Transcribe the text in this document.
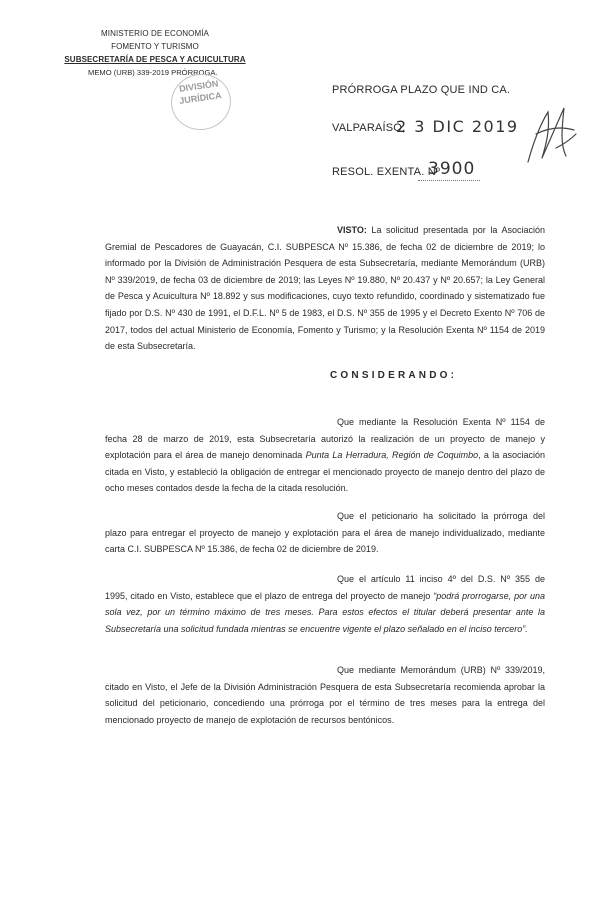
MINISTERIO DE ECONOMÍA
FOMENTO Y TURISMO
SUBSECRETARÍA DE PESCA Y ACUICULTURA
MEMO (URB) 339-2019 PRÓRROGA.
DIVISIÓN
JURÍDICA
PRÓRROGA PLAZO QUE IND CA.
VALPARAÍSO,
2 3 DIC 2019
RESOL. EXENTA. Nº
3900
VISTO: La solicitud presentada por la Asociación Gremial de Pescadores de Guayacán, C.I. SUBPESCA Nº 15.386, de fecha 02 de diciembre de 2019; lo informado por la División de Administración Pesquera de esta Subsecretaría, mediante Memorándum (URB) Nº 339/2019, de fecha 03 de diciembre de 2019; las Leyes Nº 19.880, Nº 20.437 y Nº 20.657; la Ley General de Pesca y Acuicultura Nº 18.892 y sus modificaciones, cuyo texto refundido, coordinado y sistematizado fue fijado por D.S. Nº 430 de 1991, el D.F.L. Nº 5 de 1983, el D.S. Nº 355 de 1995 y el Decreto Exento Nº 706 de 2017, todos del actual Ministerio de Economía, Fomento y Turismo; y la Resolución Exenta Nº 1154 de 2019 de esta Subsecretaría.
CONSIDERANDO:
Que mediante la Resolución Exenta Nº 1154 de fecha 28 de marzo de 2019, esta Subsecretaría autorizó la realización de un proyecto de manejo y explotación para el área de manejo denominada Punta La Herradura, Región de Coquimbo, a la asociación citada en Visto, y estableció la obligación de entregar el mencionado proyecto de manejo dentro del plazo de ocho meses contados desde la fecha de la citada resolución.
Que el peticionario ha solicitado la prórroga del plazo para entregar el proyecto de manejo y explotación para el área de manejo individualizado, mediante carta C.I. SUBPESCA Nº 15.386, de fecha 02 de diciembre de 2019.
Que el artículo 11 inciso 4º del D.S. Nº 355 de 1995, citado en Visto, establece que el plazo de entrega del proyecto de manejo “podrá prorrogarse, por una sola vez, por un término máximo de tres meses. Para estos efectos el titular deberá presentar ante la Subsecretaría una solicitud fundada mientras se encuentre vigente el plazo señalado en el inciso tercero”.
Que mediante Memorándum (URB) Nº 339/2019, citado en Visto, el Jefe de la División Administración Pesquera de esta Subsecretaría recomienda aprobar la solicitud del peticionario, concediendo una prórroga por el término de tres meses para la entrega del mencionado proyecto de manejo de explotación de recursos bentónicos.
